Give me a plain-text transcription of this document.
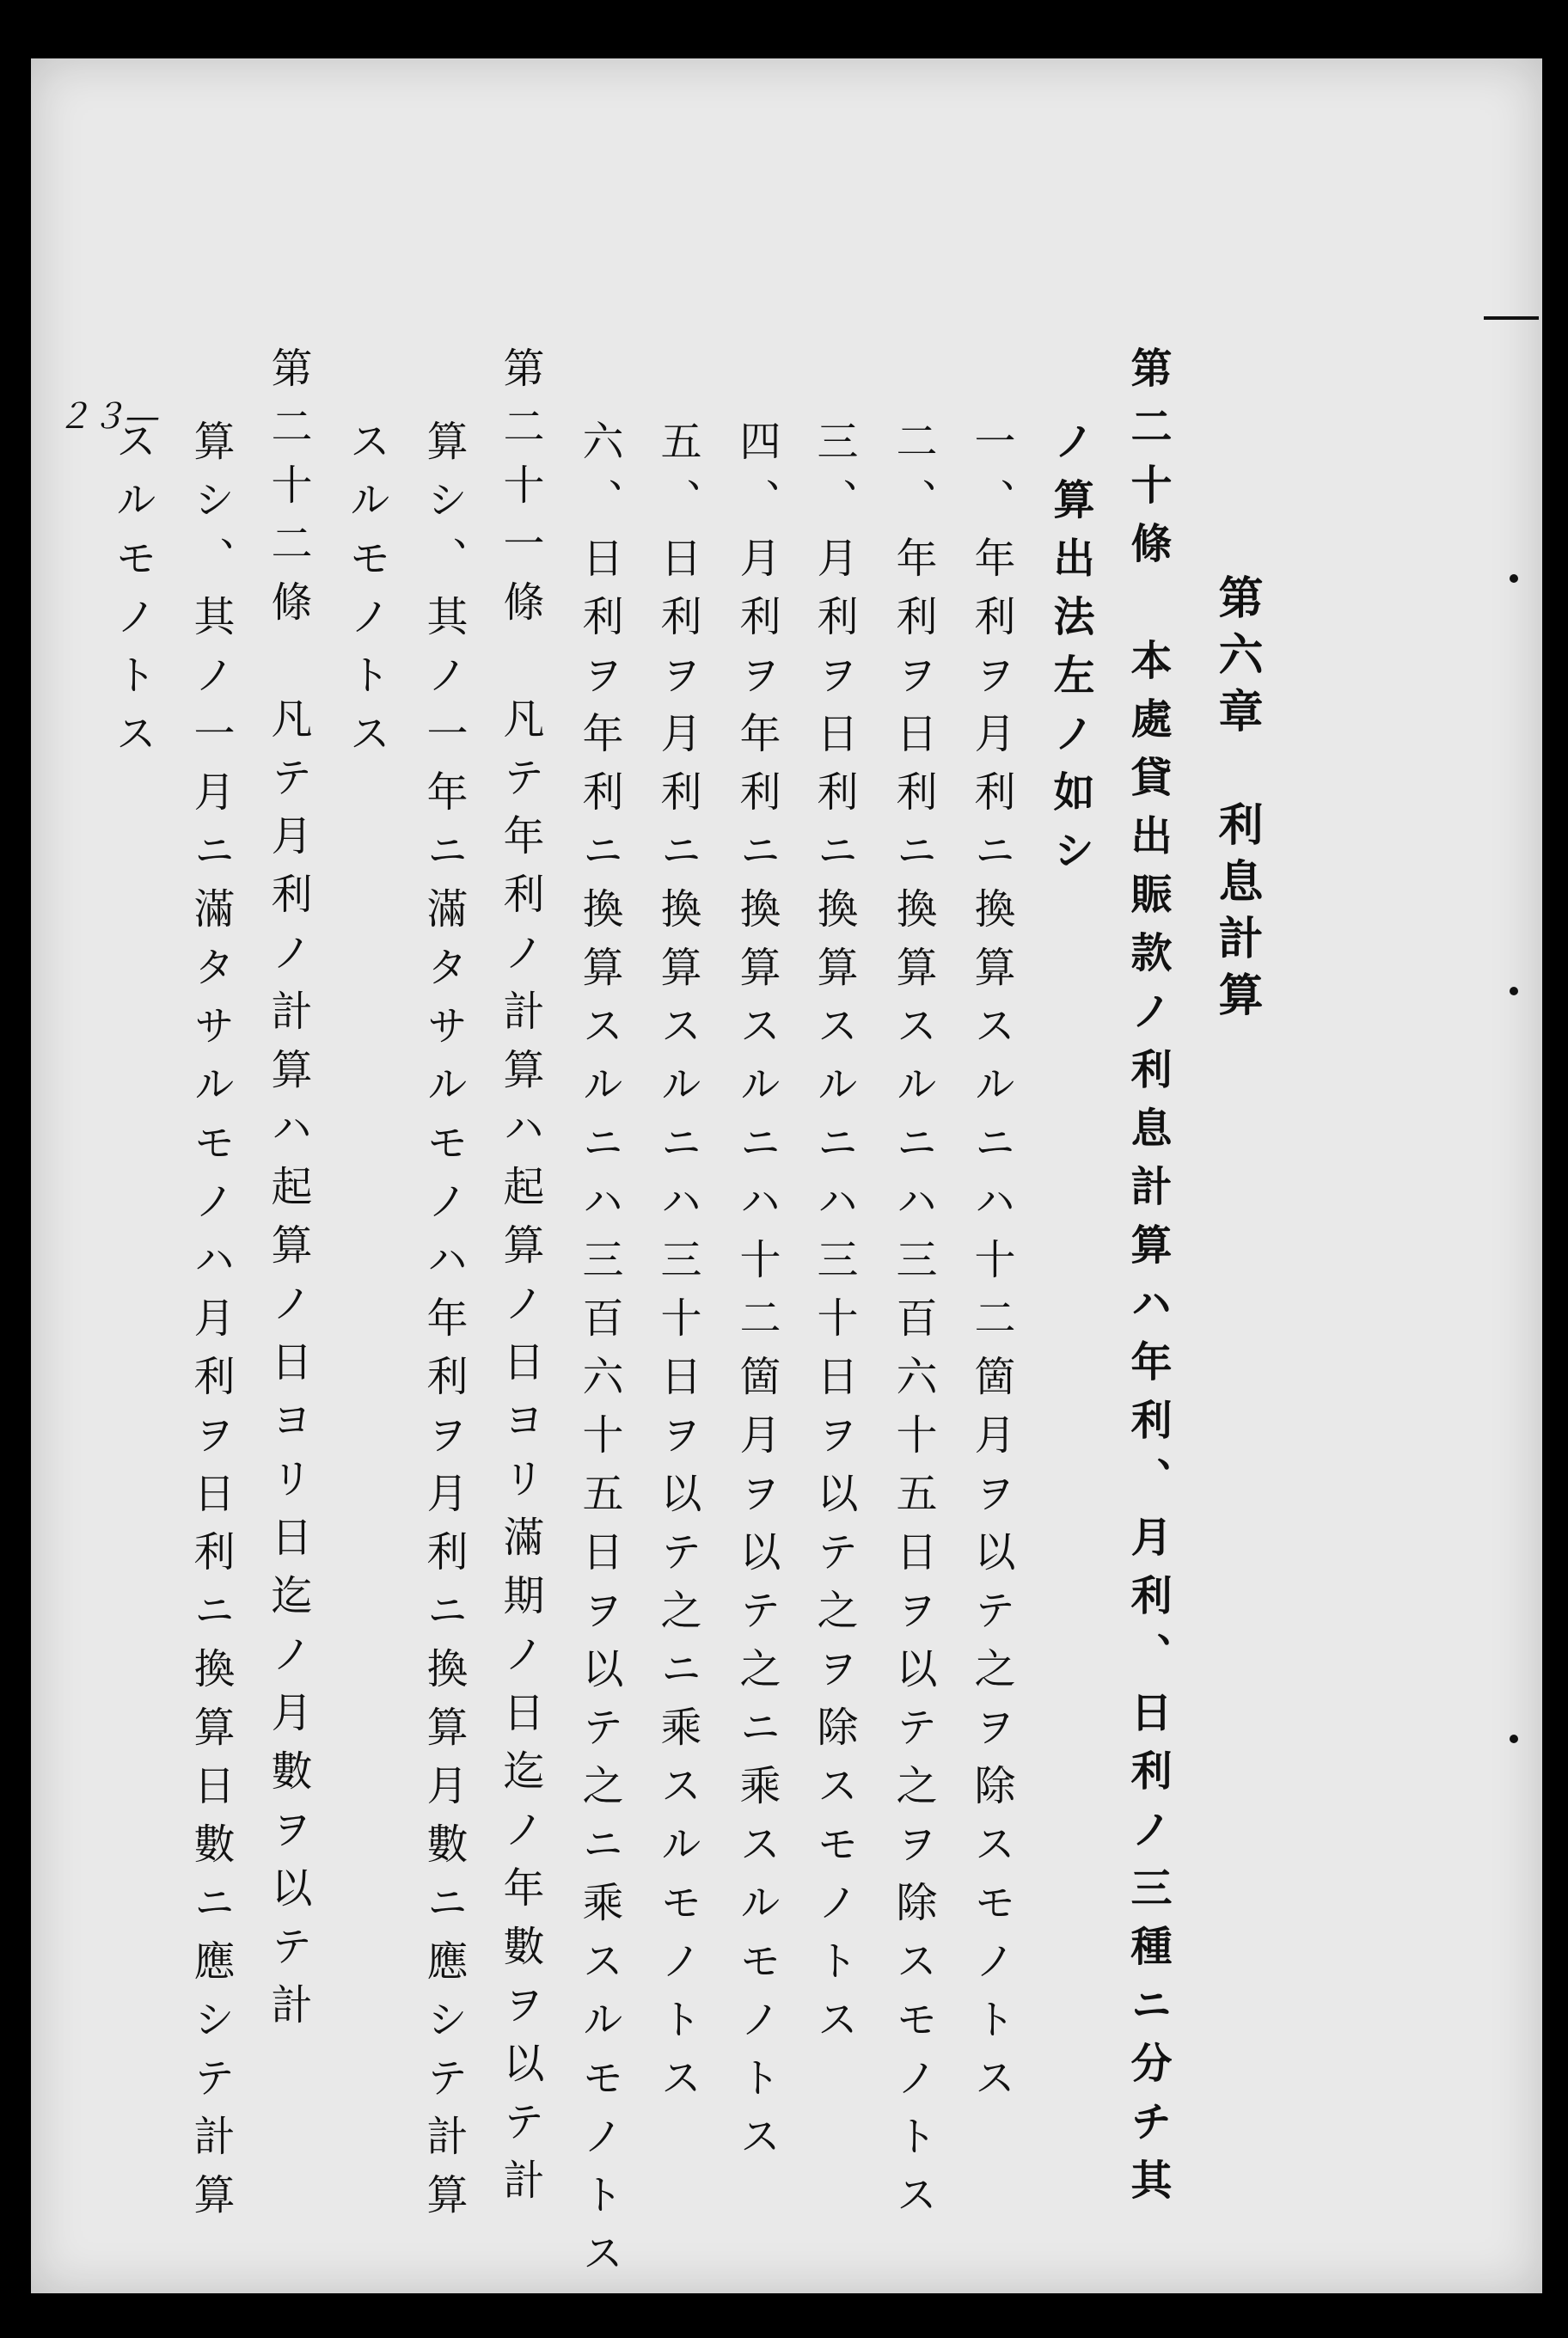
２３—
第六章　利息計算
第二十條　本處貸出賑款ノ利息計算ハ年利、月利、日利ノ三種ニ分チ其
ノ算出法左ノ如シ
一、年利ヲ月利ニ換算スルニハ十二箇月ヲ以テ之ヲ除スモノトス
二、年利ヲ日利ニ換算スルニハ三百六十五日ヲ以テ之ヲ除スモノトス
三、月利ヲ日利ニ換算スルニハ三十日ヲ以テ之ヲ除スモノトス
四、月利ヲ年利ニ換算スルニハ十二箇月ヲ以テ之ニ乘スルモノトス
五、日利ヲ月利ニ換算スルニハ三十日ヲ以テ之ニ乘スルモノトス
六、日利ヲ年利ニ換算スルニハ三百六十五日ヲ以テ之ニ乘スルモノトス
第二十一條　凡テ年利ノ計算ハ起算ノ日ヨリ滿期ノ日迄ノ年數ヲ以テ計
算シ、其ノ一年ニ滿タサルモノハ年利ヲ月利ニ換算月數ニ應シテ計算
スルモノトス
第二十二條　凡テ月利ノ計算ハ起算ノ日ヨリ日迄ノ月數ヲ以テ計
算シ、其ノ一月ニ滿タサルモノハ月利ヲ日利ニ換算日數ニ應シテ計算
スルモノトス
